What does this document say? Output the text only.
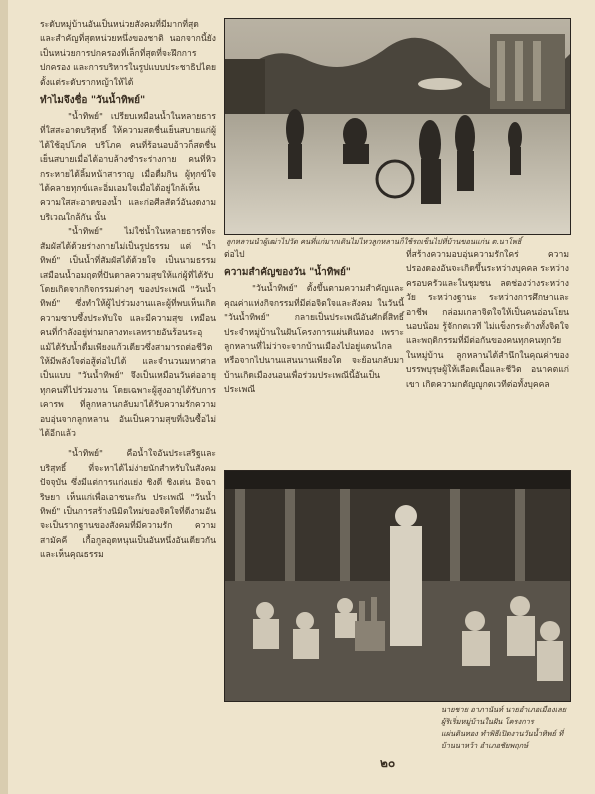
ระดับหมู่บ้านอันเป็นหน่วยสังคมที่มีมากที่สุด และสำคัญที่สุดหน่วยหนึ่งของชาติ นอกจากนี้ยังเป็นหน่วยการปกครองที่เล็กที่สุดที่จะฝึกการปกครอง และการบริหารในรูปแบบประชาธิปไตยตั้งแต่ระดับรากหญ้าให้ได้

ทำไมจึงชื่อ "วันน้ำทิพย์"

"น้ำทิพย์" เปรียบเหมือนน้ำในหลายธารที่ใสสะอาดบริสุทธิ์ ให้ความสดชื่นเย็นสบายแก่ผู้ได้ใช้อุปโภค บริโภค คนที่ร้อนอบอ้าวก็สดชื่นเย็นสบายเมื่อได้อาบล้างชำระร่างกาย คนที่หิวกระหายได้ลิ้มหน้าสาราญ เมื่อดื่มกิน ผู้ทุกข์ใจได้คลายทุกข์และอิ่มเอมใจเมื่อได้อยู่ใกล้เห็นความใสสะอาดของน้ำ และก่อศีลสัตว์อันงดงามบริเวณใกล้กัน นั้น

"น้ำทิพย์" ไม่ใช่น้ำในหลายธารที่จะสัมผัสได้ด้วยร่างกายไม่เป็นรูปธรรม แต่ "น้ำทิพย์" เป็นน้ำที่สัมผัสได้ด้วยใจ เป็นนามธรรมเสมือนน้ำอมฤตที่ปันดาลความสุขให้แก่ผู้ที่ได้รับโดยเกิดจากกิจกรรมต่างๆ ของประเพณี "วันน้ำทิพย์" ซึ่งทำให้ผู้ไปร่วมงานและผู้ที่พบเห็นเกิดความซาบซึ้งประทับใจ และมีความสุข เหมือนคนที่กำลังอยู่ท่ามกลางทะเลทรายอันร้อนระอุ แม้ได้รับน้ำดื่มเพียงแก้วเดียวซึ่งสามารถต่อชีวิตให้มีพลังใจต่อสู้ต่อไปได้ และจำนวนมหาศาลเป็นแบบ "วันน้ำทิพย์" จึงเป็นเหมือนวันต่ออายุทุกคนที่ไปร่วมงาน โดยเฉพาะผู้สูงอายุได้รับการเคารพ ที่ลูกหลานกลับมาได้รับความรักความอบอุ่นจากลูกหลาน อันเป็นความสุขที่เงินซื้อไม่ได้อีกแล้ว

"น้ำทิพย์" คือน้ำใจอันประเสริฐและบริสุทธิ์ ที่จะหาได้ไม่ง่ายนักสำหรับในสังคมปัจจุบัน ซึ่งมีแต่การแก่งแย่ง ชิงดี ชิงเด่น อิจฉาริษยา เห็นแก่เพื่อเอาชนะกัน ประเพณี "วันน้ำทิพย์" เป็นการสร้างนิมิตใหม่ของจิตใจที่ดีงามอันจะเป็นรากฐานของสังคมที่มีความรัก ความสามัคคี เกื้อกูลอุดหนุนเป็นอันหนึ่งอันเดียวกัน และเห็นคุณธรรม

ลูกหลานนำผู้เฒ่าไปวัด คนที่แก่มากเดินไม่ไหวลูกหลานก็ใช้รถเข็นไปที่บ้านขอนแก่น ต.นาโพธิ์

ต่อไป

ความสำคัญของวัน "น้ำทิพย์"

"วันน้ำทิพย์" ตั้งขึ้นตามความสำคัญและคุณค่าแห่งกิจกรรมที่มีต่อจิตใจและสังคม ในวันนี้ "วันน้ำทิพย์" กลายเป็นประเพณีอันศักดิ์สิทธิ์ ประจำหมู่บ้านในฝันโครงการแผ่นดินทอง เพราะลูกหลานที่ไม่ว่าจะจากบ้านเมืองไปอยู่แดนไกล หรือจากไปนานแสนนานเพียงใด จะย้อนกลับมาบ้านเกิดเมืองนอนเพื่อร่วมประเพณีนี้อันเป็นประเพณี

ที่สร้างความอบอุ่นความรักใคร่ ความปรองดองอันจะเกิดขึ้นระหว่างบุคคล ระหว่างครอบครัวและในชุมชน ลดช่องว่างระหว่างวัย ระหว่างฐานะ ระหว่างการศึกษาและอาชีพ กล่อมเกลาจิตใจให้เป็นคนอ่อนโยนนอบน้อม รู้จักกตเวที ไม่แข็งกระด้างทั้งจิตใจและพฤติกรรมที่มีต่อกันของคนทุกคนทุกวัยในหมู่บ้าน ลูกหลานได้สำนึกในคุณค่าของบรรพบุรุษผู้ให้เลือดเนื้อและชีวิต อนาคตแก่เขา เกิดความกตัญญูกตเวทีต่อทั้งบุคคล

นายชาย อาภานันท์ นายอำเภอเมืองเลย ผู้ริเริ่มหมู่บ้านในฝัน โครงการแผ่นดินทอง ทำพิธีเปิดงานวันน้ำทิพย์ ที่บ้านนาหว้า อำเภอชัยพฤกษ์
๒๐
